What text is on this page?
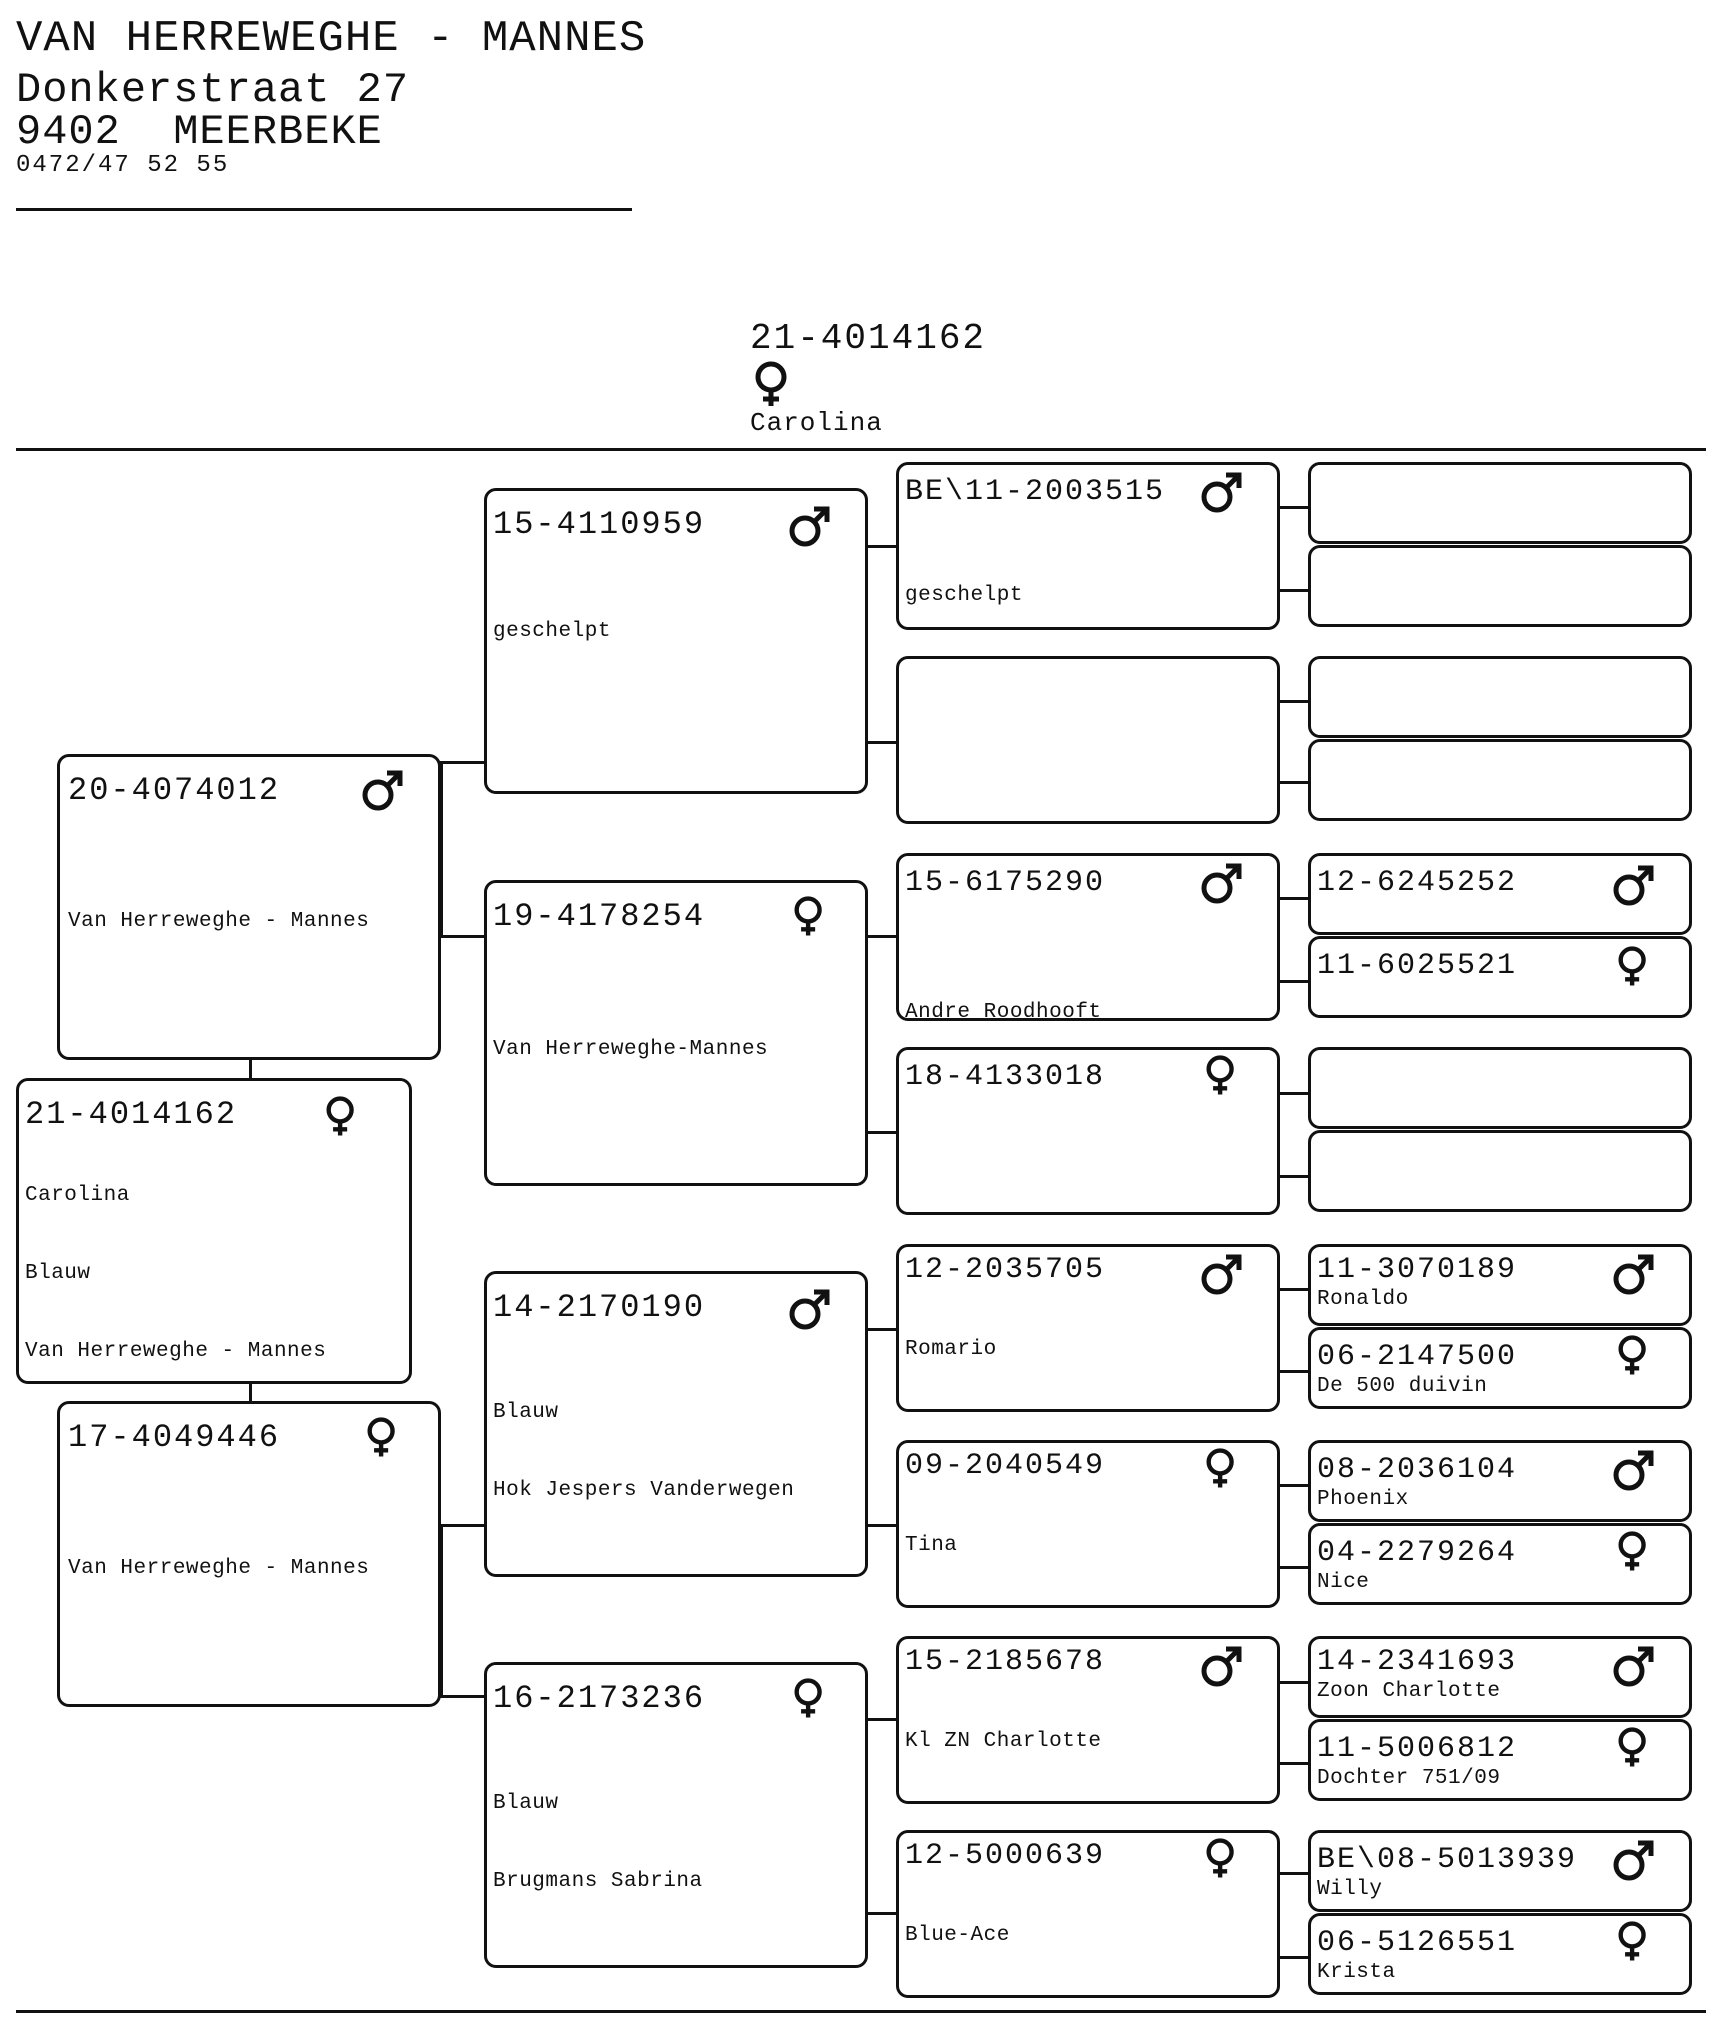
VAN HERREWEGHE - MANNES
Donkerstraat 27
9402  MEERBEKE
0472/47 52 55
21-4014162
Carolina
21-4014162

Carolina

Blauw

Van Herreweghe - Mannes

20-4074012

Van Herreweghe - Mannes

17-4049446

Van Herreweghe - Mannes

15-4110959

geschelpt

19-4178254

Van Herreweghe-Mannes

14-2170190

Blauw

Hok Jespers Vanderwegen

16-2173236

Blauw

Brugmans Sabrina

BE\11-2003515

geschelpt

15-6175290

Andre Roodhooft

18-4133018
12-2035705

Romario

09-2040549

Tina

15-2185678

Kl ZN Charlotte

12-5000639

Blue-Ace

12-6245252
11-6025521
11-3070189
Ronaldo
06-2147500
De 500 duivin
08-2036104
Phoenix
04-2279264
Nice
14-2341693
Zoon Charlotte
11-5006812
Dochter 751/09
BE\08-5013939
Willy
06-5126551
Krista
